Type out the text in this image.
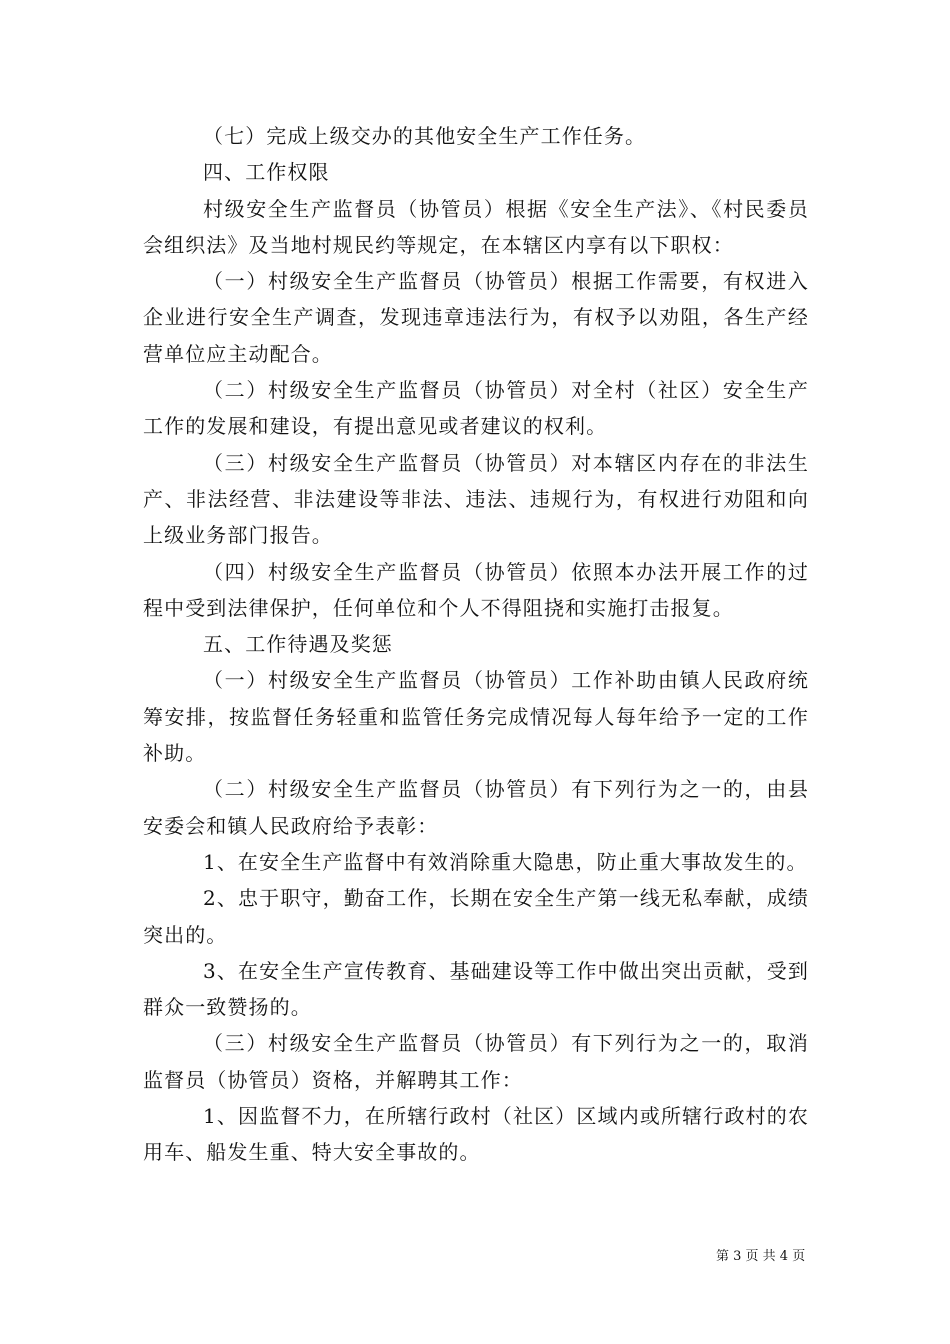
（七）完成上级交办的其他安全生产工作任务。

四、工作权限

村级安全生产监督员（协管员）根据《安全生产法》、《村民委员会组织法》及当地村规民约等规定，在本辖区内享有以下职权：

（一）村级安全生产监督员（协管员）根据工作需要，有权进入企业进行安全生产调查，发现违章违法行为，有权予以劝阻，各生产经营单位应主动配合。

（二）村级安全生产监督员（协管员）对全村（社区）安全生产工作的发展和建设，有提出意见或者建议的权利。

（三）村级安全生产监督员（协管员）对本辖区内存在的非法生产、非法经营、非法建设等非法、违法、违规行为，有权进行劝阻和向上级业务部门报告。

（四）村级安全生产监督员（协管员）依照本办法开展工作的过程中受到法律保护，任何单位和个人不得阻挠和实施打击报复。

五、工作待遇及奖惩

（一）村级安全生产监督员（协管员）工作补助由镇人民政府统筹安排，按监督任务轻重和监管任务完成情况每人每年给予一定的工作补助。

（二）村级安全生产监督员（协管员）有下列行为之一的，由县安委会和镇人民政府给予表彰：

1、在安全生产监督中有效消除重大隐患，防止重大事故发生的。

2、忠于职守，勤奋工作，长期在安全生产第一线无私奉献，成绩突出的。

3、在安全生产宣传教育、基础建设等工作中做出突出贡献，受到群众一致赞扬的。

（三）村级安全生产监督员（协管员）有下列行为之一的，取消监督员（协管员）资格，并解聘其工作：

1、因监督不力，在所辖行政村（社区）区域内或所辖行政村的农用车、船发生重、特大安全事故的。

第 3 页 共 4 页
